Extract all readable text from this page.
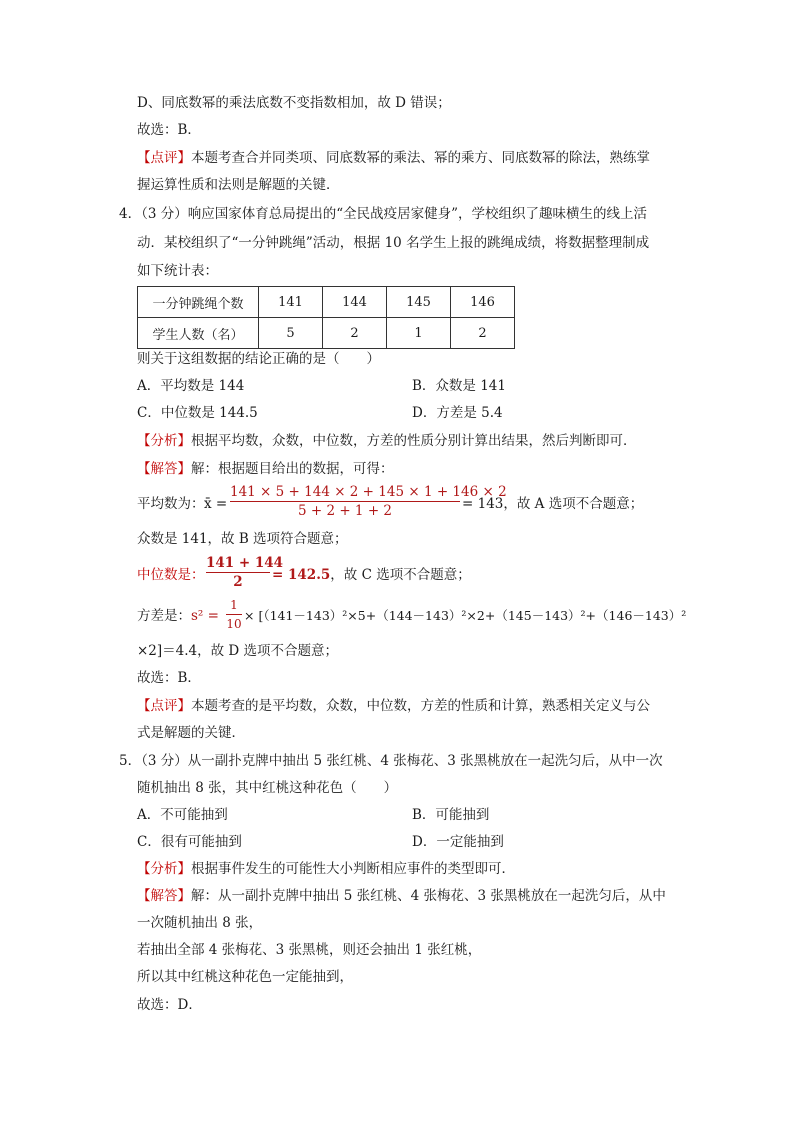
D、同底数幂的乘法底数不变指数相加，故 D 错误；
故选：B．
【点评】本题考查合并同类项、同底数幂的乘法、幂的乘方、同底数幂的除法，熟练掌
握运算性质和法则是解题的关键．
4．（3 分）响应国家体育总局提出的“全民战疫居家健身”，学校组织了趣味横生的线上活
动．某校组织了“一分钟跳绳”活动，根据 10 名学生上报的跳绳成绩，将数据整理制成
如下统计表：
一分钟跳绳个数	141	144	145	146
学生人数（名）	5	2	1	2
则关于这组数据的结论正确的是（　　）
A．平均数是 144	B．众数是 141
C．中位数是 144.5	D．方差是 5.4
【分析】根据平均数，众数，中位数，方差的性质分别计算出结果，然后判断即可．
【解答】解：根据题目给出的数据，可得：
平均数为： x̄ =
141 × 5 + 144 × 2 + 145 × 1 + 146 × 2
5 + 2 + 1 + 2	= 143，故 A 选项不合题意；
众数是 141，故 B 选项符合题意；
中位数是：
141 + 144
2	= 142.5，故 C 选项不合题意；
方差是：s² =
1
10
× [（141－143）²×5+（144－143）²×2+（145－143）²+（146－143）²
×2]＝4.4，故 D 选项不合题意；
故选：B．
【点评】本题考查的是平均数，众数，中位数，方差的性质和计算，熟悉相关定义与公
式是解题的关键．
5．（3 分）从一副扑克牌中抽出 5 张红桃、4 张梅花、3 张黑桃放在一起洗匀后，从中一次
随机抽出 8 张，其中红桃这种花色（　　）
A．不可能抽到	B．可能抽到
C．很有可能抽到	D．一定能抽到
【分析】根据事件发生的可能性大小判断相应事件的类型即可．
【解答】解：从一副扑克牌中抽出 5 张红桃、4 张梅花、3 张黑桃放在一起洗匀后，从中
一次随机抽出 8 张，
若抽出全部 4 张梅花、3 张黑桃，则还会抽出 1 张红桃，
所以其中红桃这种花色一定能抽到，
故选：D．
